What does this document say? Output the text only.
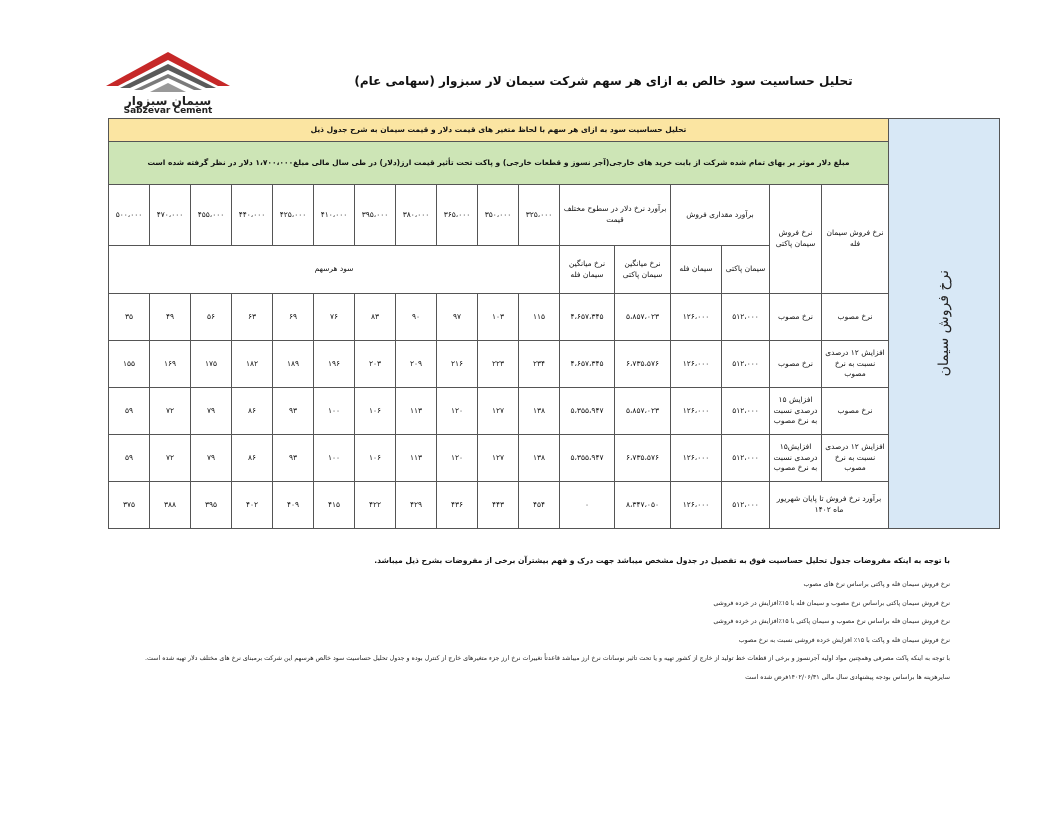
سیمان سبزوار
Sabzevar Cement
تحلیل حساسیت سود خالص به ازای هر سهم شرکت سیمان لار سبزوار (سهامی عام)
نرخ فروش سیمان	تحلیل حساسیت سود به ازای هر سهم با لحاظ متغیر های قیمت دلار و قیمت سیمان به شرح جدول ذیل																
	مبلغ دلار موثر بر بهای تمام شده شرکت از بابت خرید های خارجی(آجر نسوز و قطعات خارجی) و پاکت تحت تأثیر قیمت ارز(دلار) در طی سال مالی مبلغ۱،۷۰۰،۰۰۰ دلار در نظر گرفته شده است																
	نرخ فروش سیمان فله	نرخ فروش سیمان پاکتی	برآورد مقداری فروش		برآورد نرخ دلار در سطوح مختلف قیمت		۳۲۵،۰۰۰	۳۵۰،۰۰۰	۳۶۵،۰۰۰	۳۸۰،۰۰۰	۳۹۵،۰۰۰	۴۱۰،۰۰۰	۴۲۵،۰۰۰	۴۴۰،۰۰۰	۴۵۵،۰۰۰	۴۷۰،۰۰۰	۵۰۰،۰۰۰
			سیمان پاکتی	سیمان فله	نرخ میانگین سیمان پاکتی	نرخ میانگین سیمان فله	سود هرسهم										
	نرخ مصوب	نرخ مصوب	۵۱۲،۰۰۰	۱۲۶،۰۰۰	۵،۸۵۷،۰۲۳	۴،۶۵۷،۳۴۵	۱۱۵	۱۰۳	۹۷	۹۰	۸۳	۷۶	۶۹	۶۳	۵۶	۴۹	۳۵
	افزایش ۱۲ درصدی نسبت به نرخ مصوب	نرخ مصوب	۵۱۲،۰۰۰	۱۲۶،۰۰۰	۶،۷۳۵،۵۷۶	۴،۶۵۷،۳۴۵	۲۳۴	۲۲۳	۲۱۶	۲۰۹	۲۰۳	۱۹۶	۱۸۹	۱۸۲	۱۷۵	۱۶۹	۱۵۵
	نرخ مصوب	افزایش ۱۵ درصدی نسبت به نرخ مصوب	۵۱۲،۰۰۰	۱۲۶،۰۰۰	۵،۸۵۷،۰۲۳	۵،۳۵۵،۹۴۷	۱۳۸	۱۲۷	۱۲۰	۱۱۳	۱۰۶	۱۰۰	۹۳	۸۶	۷۹	۷۲	۵۹
	افزایش ۱۲ درصدی نسبت به نرخ مصوب	افزایش۱۵ درصدی نسبت به نرخ مصوب	۵۱۲،۰۰۰	۱۲۶،۰۰۰	۶،۷۳۵،۵۷۶	۵،۳۵۵،۹۴۷	۱۳۸	۱۲۷	۱۲۰	۱۱۳	۱۰۶	۱۰۰	۹۳	۸۶	۷۹	۷۲	۵۹
	برآورد نرخ فروش تا پایان شهریور ماه ۱۴۰۲		۵۱۲،۰۰۰	۱۲۶،۰۰۰	۸،۳۴۷،۰۵۰	۰	۴۵۴	۴۴۳	۴۳۶	۴۲۹	۴۲۲	۴۱۵	۴۰۹	۴۰۲	۳۹۵	۳۸۸	۳۷۵

با توجه به اینکه مفروضات جدول تحلیل حساسیت فوق به تفصیل در جدول مشخص میباشد جهت درک و فهم بیشترآن برخی از مفروضات بشرح ذیل میباشد.

نرخ فروش سیمان فله و پاکتی براساس نرخ های مصوب

نرخ فروش سیمان پاکتی براساس نرخ مصوب و سیمان فله با ۱۵٪افزایش در خرده فروشی

نرخ فروش سیمان فله براساس نرخ مصوب و سیمان پاکتی با ۱۵٪افزایش در خرده فروشی

نرخ فروش سیمان فله و پاکت با ۱۵٪ افزایش خرده فروشی نسبت به نرخ مصوب

با توجه به اینکه پاکت مصرفی وهمچنین مواد اولیه آجرنسوز و برخی از قطعات خط تولید از خارج از کشور تهیه و یا تحت تاثیر نوسانات نرخ ارز میباشد قاعدتاً تغییرات نرخ ارز جزء متغیرهای خارج از کنترل بوده و جدول تحلیل حساسیت سود خالص هرسهم این شرکت برمبنای نرخ های مختلف دلار تهیه شده است.

سایرهزینه ها براساس بودجه پیشنهادی سال مالی ۱۴۰۲/۰۶/۳۱فرض شده است
